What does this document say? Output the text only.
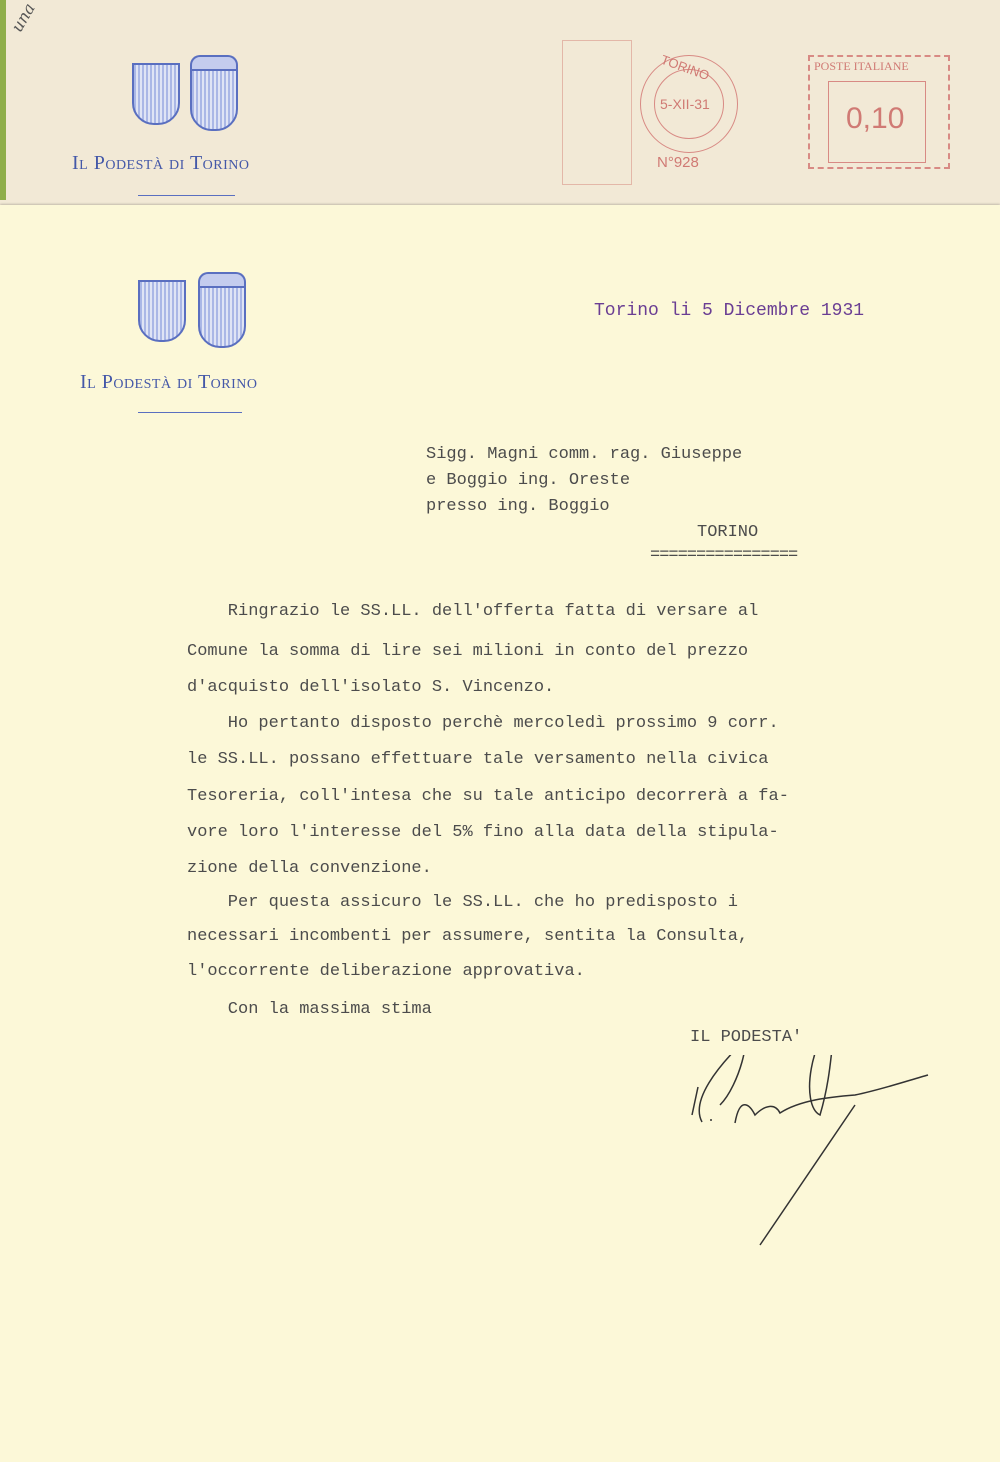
una
Il Podestà di Torino
TORINO
5-XII-31
N°928
POSTE ITALIANE
0,10
Il Podestà di Torino
Torino li 5 Dicembre 1931
Sigg. Magni comm. rag. Giuseppe
e Boggio ing. Oreste
presso ing. Boggio
TORINO
================
Ringrazio le SS.LL. dell'offerta fatta di versare al
Comune la somma di lire sei milioni in conto del prezzo
d'acquisto dell'isolato S. Vincenzo.
Ho pertanto disposto perchè mercoledì prossimo 9 corr.
le SS.LL. possano effettuare tale versamento nella civica
Tesoreria, coll'intesa che su tale anticipo decorrerà a fa-
vore loro l'interesse del 5% fino alla data della stipula-
zione della convenzione.
Per questa assicuro le SS.LL. che ho predisposto i
necessari incombenti per assumere, sentita la Consulta,
l'occorrente deliberazione approvativa.
Con la massima stima
IL PODESTA'
